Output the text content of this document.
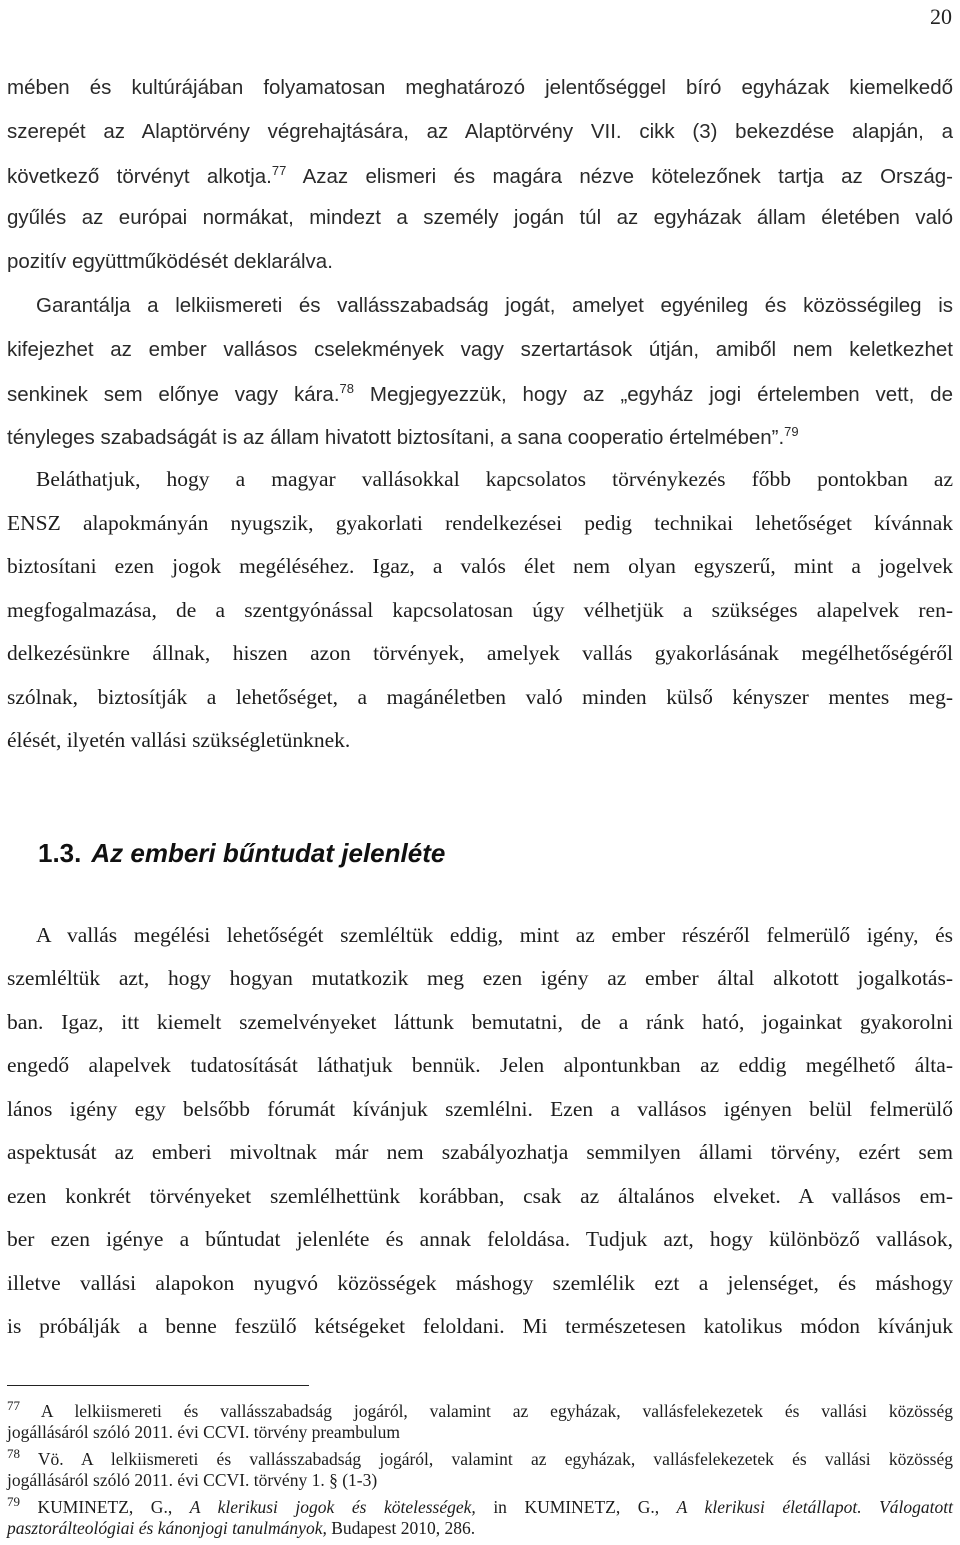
20
mében és kultúrájában folyamatosan meghatározó jelentőséggel bíró egyházak kiemelkedő
szerepét az Alaptörvény végrehajtására, az Alaptörvény VII. cikk (3) bekezdése alapján, a
következő törvényt alkotja.$^{77}$ Azaz elismeri és magára nézve kötelezőnek tartja az Ország-
gyűlés az európai normákat, mindezt a személy jogán túl az egyházak állam életében való
pozitív együttműködését deklarálva.
Garantálja a lelkiismereti és vallásszabadság jogát, amelyet egyénileg és közösségileg is
kifejezhet az ember vallásos cselekmények vagy szertartások útján, amiből nem keletkezhet
senkinek sem előnye vagy kára.$^{78}$ Megjegyezzük, hogy az „egyház jogi értelemben vett, de
tényleges szabadságát is az állam hivatott biztosítani, a sana cooperatio értelmében”.$^{79}$
Beláthatjuk, hogy a magyar vallásokkal kapcsolatos törvénykezés főbb pontokban az
ENSZ alapokmányán nyugszik, gyakorlati rendelkezései pedig technikai lehetőséget kívánnak
biztosítani ezen jogok megéléséhez. Igaz, a valós élet nem olyan egyszerű, mint a jogelvek
megfogalmazása, de a szentgyónással kapcsolatosan úgy vélhetjük a szükséges alapelvek ren-
delkezésünkre állnak, hiszen azon törvények, amelyek vallás gyakorlásának megélhetőségéről
szólnak, biztosítják a lehetőséget, a magánéletben való minden külső kényszer mentes meg-
élését, ilyetén vallási szükségletünknek.
1.3. Az emberi bűntudat jelenléte
A vallás megélési lehetőségét szemléltük eddig, mint az ember részéről felmerülő igény, és
szemléltük azt, hogy hogyan mutatkozik meg ezen igény az ember által alkotott jogalkotás-
ban. Igaz, itt kiemelt szemelvényeket láttunk bemutatni, de a ránk ható, jogainkat gyakorolni
engedő alapelvek tudatosítását láthatjuk bennük. Jelen alpontunkban az eddig megélhető álta-
lános igény egy belsőbb fórumát kívánjuk szemlélni. Ezen a vallásos igényen belül felmerülő
aspektusát az emberi mivoltnak már nem szabályozhatja semmilyen állami törvény, ezért sem
ezen konkrét törvényeket szemlélhettünk korábban, csak az általános elveket. A vallásos em-
ber ezen igénye a bűntudat jelenléte és annak feloldása. Tudjuk azt, hogy különböző vallások,
illetve vallási alapokon nyugvó közösségek máshogy szemlélik ezt a jelenséget, és máshogy
is próbálják a benne feszülő kétségeket feloldani. Mi természetesen katolikus módon kívánjuk
$^{77}$ A lelkiismereti és vallásszabadság jogáról, valamint az egyházak, vallásfelekezetek és vallási közösség
jogállásáról szóló 2011. évi CCVI. törvény preambulum
$^{78}$ Vö. A lelkiismereti és vallásszabadság jogáról, valamint az egyházak, vallásfelekezetek és vallási közösség
jogállásáról szóló 2011. évi CCVI. törvény 1. § (1-3)
$^{79}$ KUMINETZ, G., A klerikusi jogok és kötelességek, in KUMINETZ, G., A klerikusi életállapot. Válogatott
pasztorálteológiai és kánonjogi tanulmányok, Budapest 2010, 286.
